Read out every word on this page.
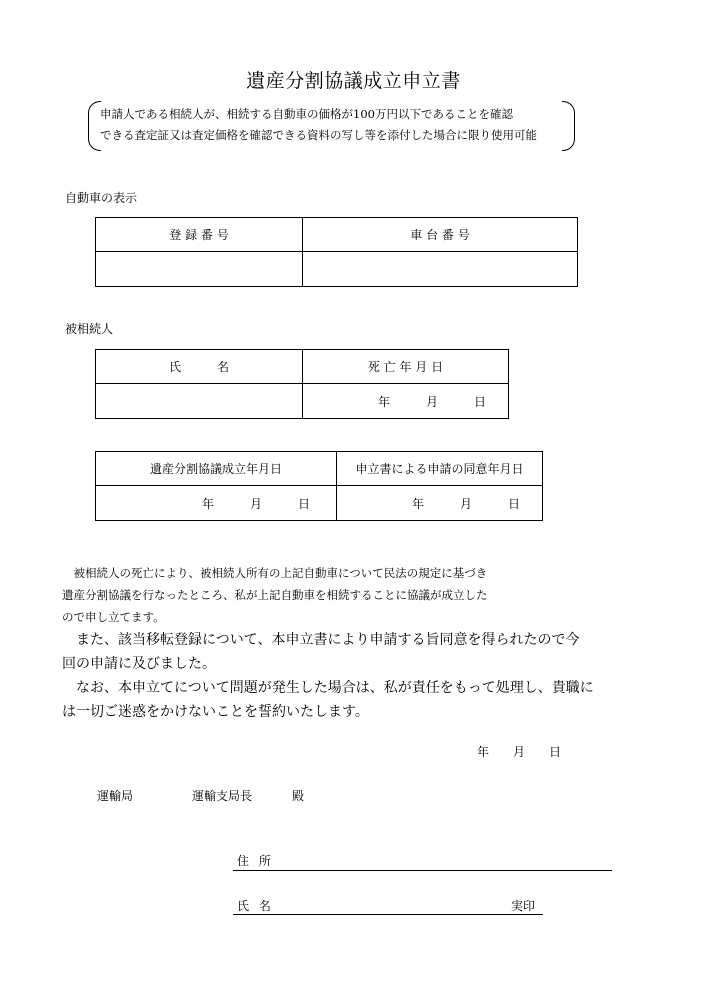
遺産分割協議成立申立書
申請人である相続人が、相続する自動車の価格が100万円以下であることを確認
できる査定証又は査定価格を確認できる資料の写し等を添付した場合に限り使用可能
自動車の表示
登 録 番 号	車 台 番 号

被相続人
氏　　　名	死 亡 年 月 日
	年　　　月　　　日
遺産分割協議成立年月日	申立書による申請の同意年月日
年　　　月　　　日	年　　　月　　　日
　被相続人の死亡により、被相続人所有の上記自動車について民法の規定に基づき
遺産分割協議を行なったところ、私が上記自動車を相続することに協議が成立した
ので申し立てます。
　また、該当移転登録について、本申立書により申請する旨同意を得られたので今
回の申請に及びました。
　なお、本申立てについて問題が発生した場合は、私が責任をもって処理し、貴職に
は一切ご迷惑をかけないことを誓約いたします。
年　　月　　日
運輸局	運輸支局長	殿
住 所
氏 名	実印
